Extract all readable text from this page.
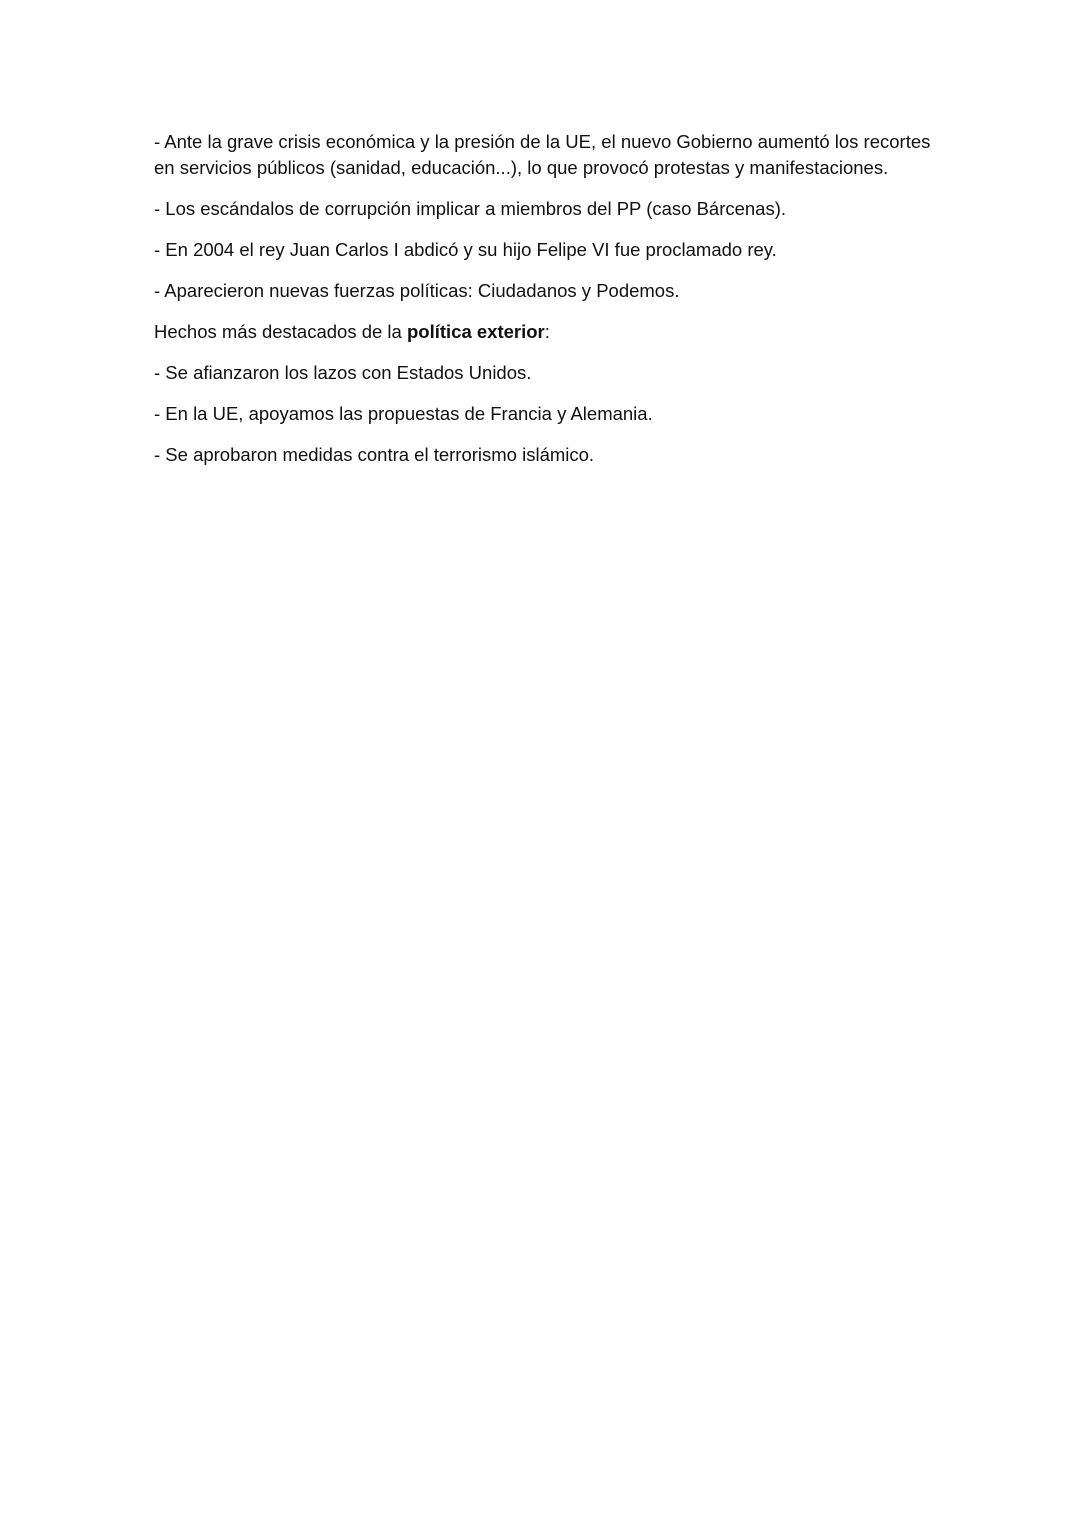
- Ante la grave crisis económica y la presión de la UE, el nuevo Gobierno aumentó los recortes en servicios públicos (sanidad, educación...), lo que provocó protestas y manifestaciones.

- Los escándalos de corrupción implicar a miembros del PP (caso Bárcenas).

- En 2004 el rey Juan Carlos I abdicó y su hijo Felipe VI fue proclamado rey.

- Aparecieron nuevas fuerzas políticas: Ciudadanos y Podemos.

Hechos más destacados de la política exterior:

- Se afianzaron los lazos con Estados Unidos.

- En la UE, apoyamos las propuestas de Francia y Alemania.

- Se aprobaron medidas contra el terrorismo islámico.
